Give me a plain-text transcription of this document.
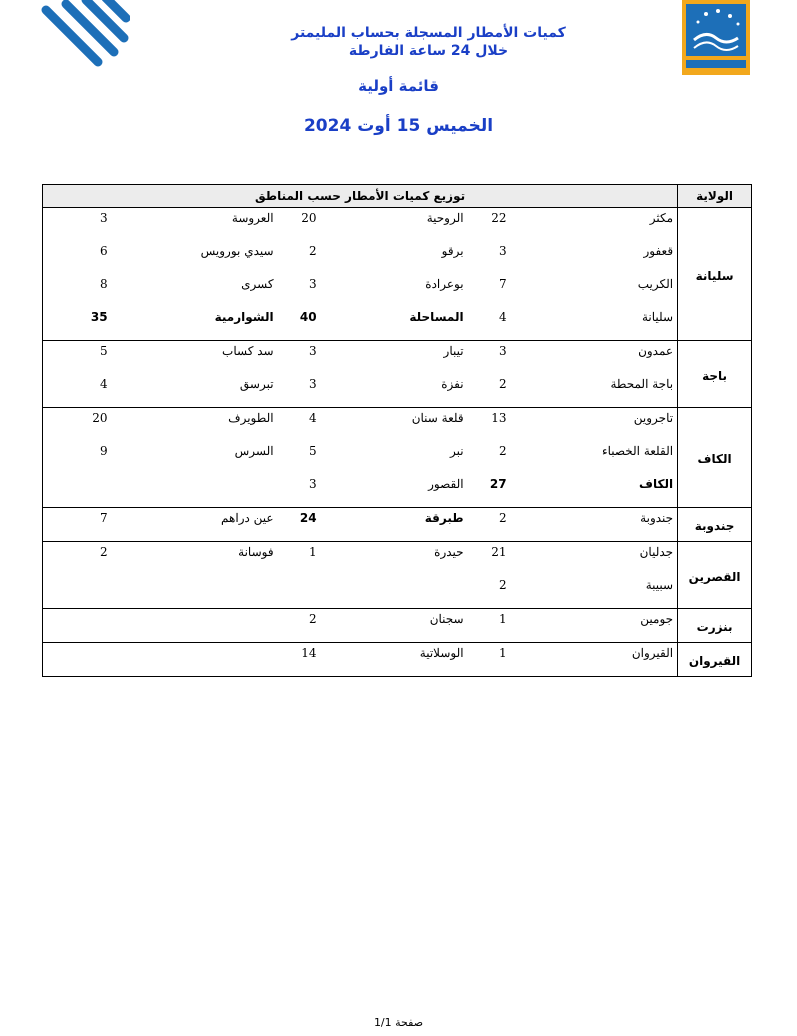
كميات الأمطار المسجلة بحساب المليمتر
خلال 24 ساعة الفارطة
قائمة أولية
الخميس 15 أوت 2024
الولاية	توزيع كميات الأمطار حسب المناطق					
سليانة	مكثر	22	الروحية	20	العروسة	3
	قعفور	3	برقو	2	سيدي بورويس	6
	الكريب	7	بوعرادة	3	كسرى	8
	سليانة	4	المساحلة	40	الشوارمية	35
باجة	عمدون	3	تيبار	3	سد كساب	5
	باجة المحطة	2	نفزة	3	تبرسق	4
الكاف	تاجروين	13	قلعة سنان	4	الطويرف	20
	القلعة الخصباء	2	نبر	5	السرس	9
	الكاف	27	القصور	3		
جندوبة	جندوبة	2	طبرقة	24	عين دراهم	7
القصرين	جدليان	21	حيدرة	1	فوسانة	2
	سبيبة	2				
بنزرت	جومين	1	سجنان	2		
القيروان	القيروان	1	الوسلاتية	14		
صفحة 1/1
